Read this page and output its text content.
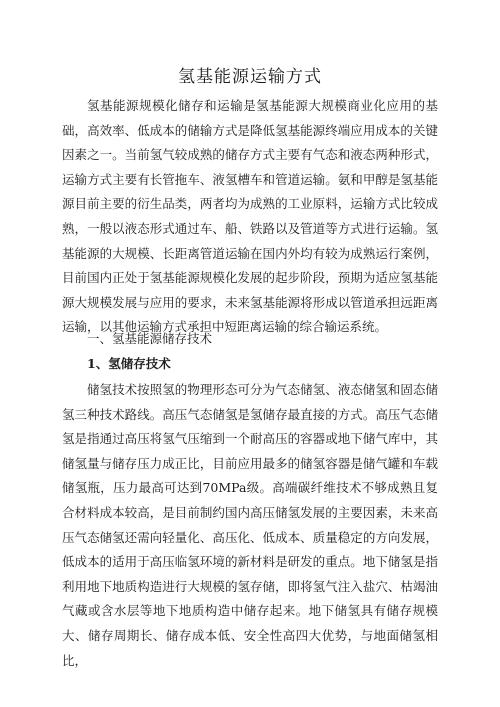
氢基能源运输方式

氢基能源规模化储存和运输是氢基能源大规模商业化应用的基础，高效率、低成本的储输方式是降低氢基能源终端应用成本的关键因素之一。当前氢气较成熟的储存方式主要有气态和液态两种形式，运输方式主要有长管拖车、液氢槽车和管道运输。氨和甲醇是氢基能源目前主要的衍生品类，两者均为成熟的工业原料，运输方式比较成熟，一般以液态形式通过车、船、铁路以及管道等方式进行运输。氢基能源的大规模、长距离管道运输在国内外均有较为成熟运行案例，目前国内正处于氢基能源规模化发展的起步阶段，预期为适应氢基能源大规模发展与应用的要求，未来氢基能源将形成以管道承担远距离运输，以其他运输方式承担中短距离运输的综合输运系统。

一、氢基能源储存技术
1、氢储存技术

储氢技术按照氢的物理形态可分为气态储氢、液态储氢和固态储氢三种技术路线。高压气态储氢是氢储存最直接的方式。高压气态储氢是指通过高压将氢气压缩到一个耐高压的容器或地下储气库中，其储氢量与储存压力成正比，目前应用最多的储氢容器是储气罐和车载储氢瓶，压力最高可达到70MPa级。高端碳纤维技术不够成熟且复合材料成本较高，是目前制约国内高压储氢发展的主要因素，未来高压气态储氢还需向轻量化、高压化、低成本、质量稳定的方向发展，低成本的适用于高压临氢环境的新材料是研发的重点。地下储氢是指利用地下地质构造进行大规模的氢存储，即将氢气注入盐穴、枯竭油气藏或含水层等地下地质构造中储存起来。地下储氢具有储存规模大、储存周期长、储存成本低、安全性高四大优势，与地面储氢相比，
